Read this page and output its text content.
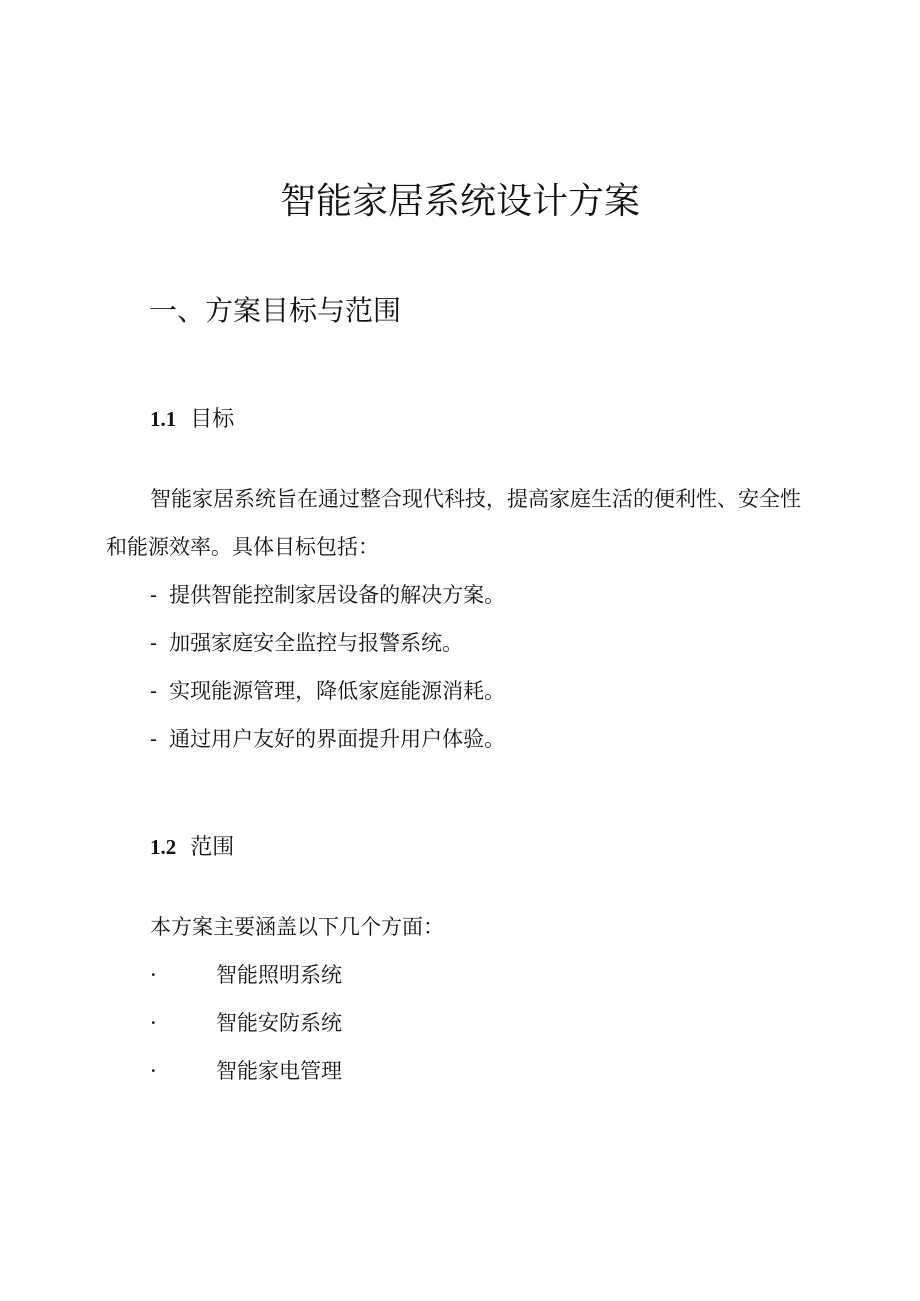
智能家居系统设计方案
一、方案目标与范围
1.1 目标

智能家居系统旨在通过整合现代科技，提高家庭生活的便利性、安全性和能源效率。具体目标包括：

- 提供智能控制家居设备的解决方案。
- 加强家庭安全监控与报警系统。
- 实现能源管理，降低家庭能源消耗。
- 通过用户友好的界面提升用户体验。
1.2 范围
本方案主要涵盖以下几个方面：
·	智能照明系统
·	智能安防系统
·	智能家电管理
